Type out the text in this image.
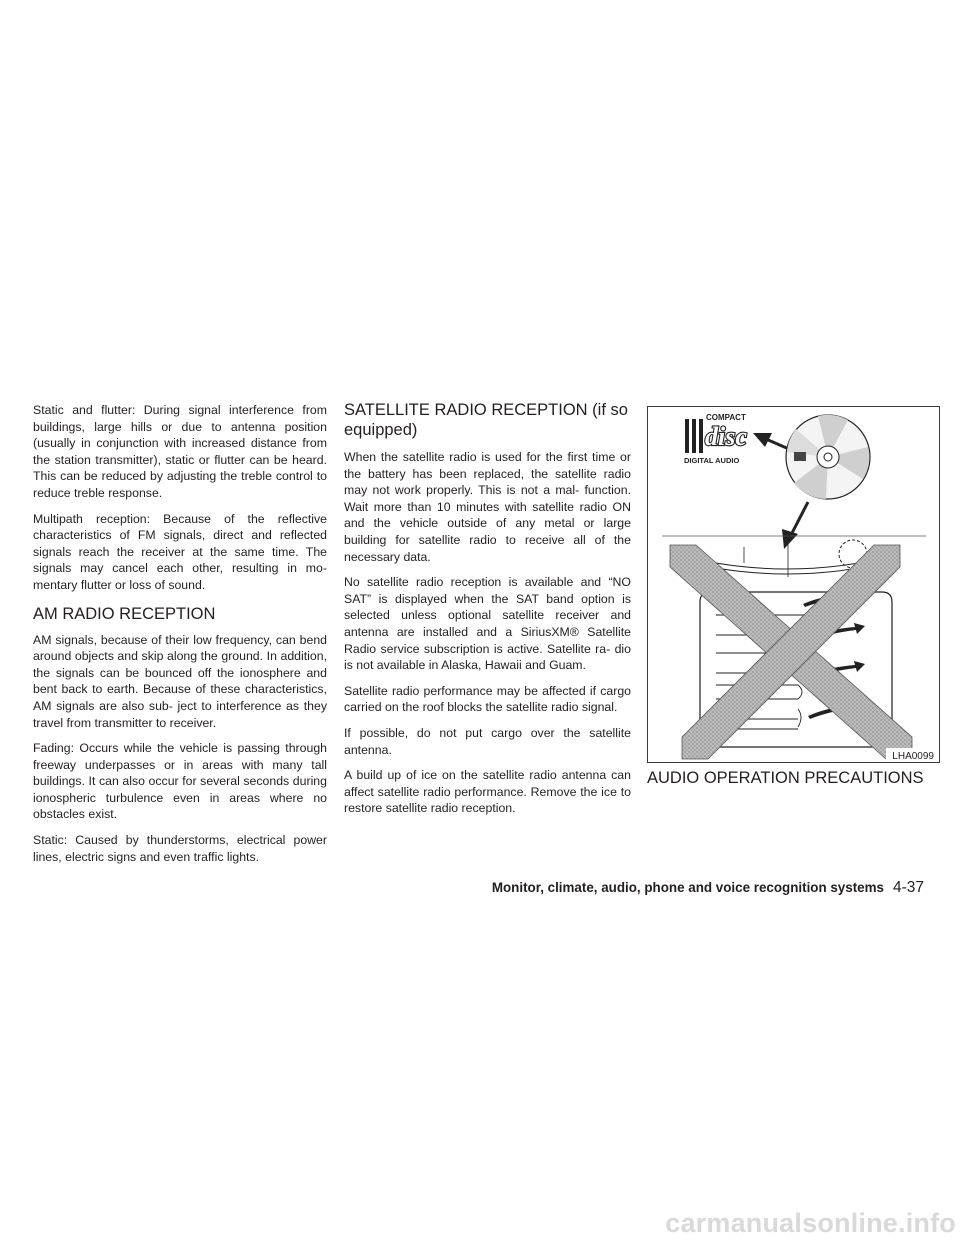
Static and flutter: During signal interference from buildings, large hills or due to antenna position (usually in conjunction with increased distance from the station transmitter), static or flutter can be heard. This can be reduced by adjusting the treble control to reduce treble response.

Multipath reception: Because of the reflective characteristics of FM signals, direct and reflected signals reach the receiver at the same time. The signals may cancel each other, resulting in mo- mentary flutter or loss of sound.

AM RADIO RECEPTION

AM signals, because of their low frequency, can bend around objects and skip along the ground. In addition, the signals can be bounced off the ionosphere and bent back to earth. Because of these characteristics, AM signals are also sub- ject to interference as they travel from transmitter to receiver.

Fading: Occurs while the vehicle is passing through freeway underpasses or in areas with many tall buildings. It can also occur for several seconds during ionospheric turbulence even in areas where no obstacles exist.

Static: Caused by thunderstorms, electrical power lines, electric signs and even traffic lights.

SATELLITE RADIO RECEPTION (if so equipped)

When the satellite radio is used for the first time or the battery has been replaced, the satellite radio may not work properly. This is not a mal- function. Wait more than 10 minutes with satellite radio ON and the vehicle outside of any metal or large building for satellite radio to receive all of the necessary data.

No satellite radio reception is available and “NO SAT” is displayed when the SAT band option is selected unless optional satellite receiver and antenna are installed and a SiriusXM® Satellite Radio service subscription is active. Satellite ra- dio is not available in Alaska, Hawaii and Guam.

Satellite radio performance may be affected if cargo carried on the roof blocks the satellite radio signal.

If possible, do not put cargo over the satellite antenna.

A build up of ice on the satellite radio antenna can affect satellite radio performance. Remove the ice to restore satellite radio reception.

COMPACT
disc
DIGITAL AUDIO
LHA0099
AUDIO OPERATION PRECAUTIONS
Monitor, climate, audio, phone and voice recognition systems 4-37
carmanualsonline.info
